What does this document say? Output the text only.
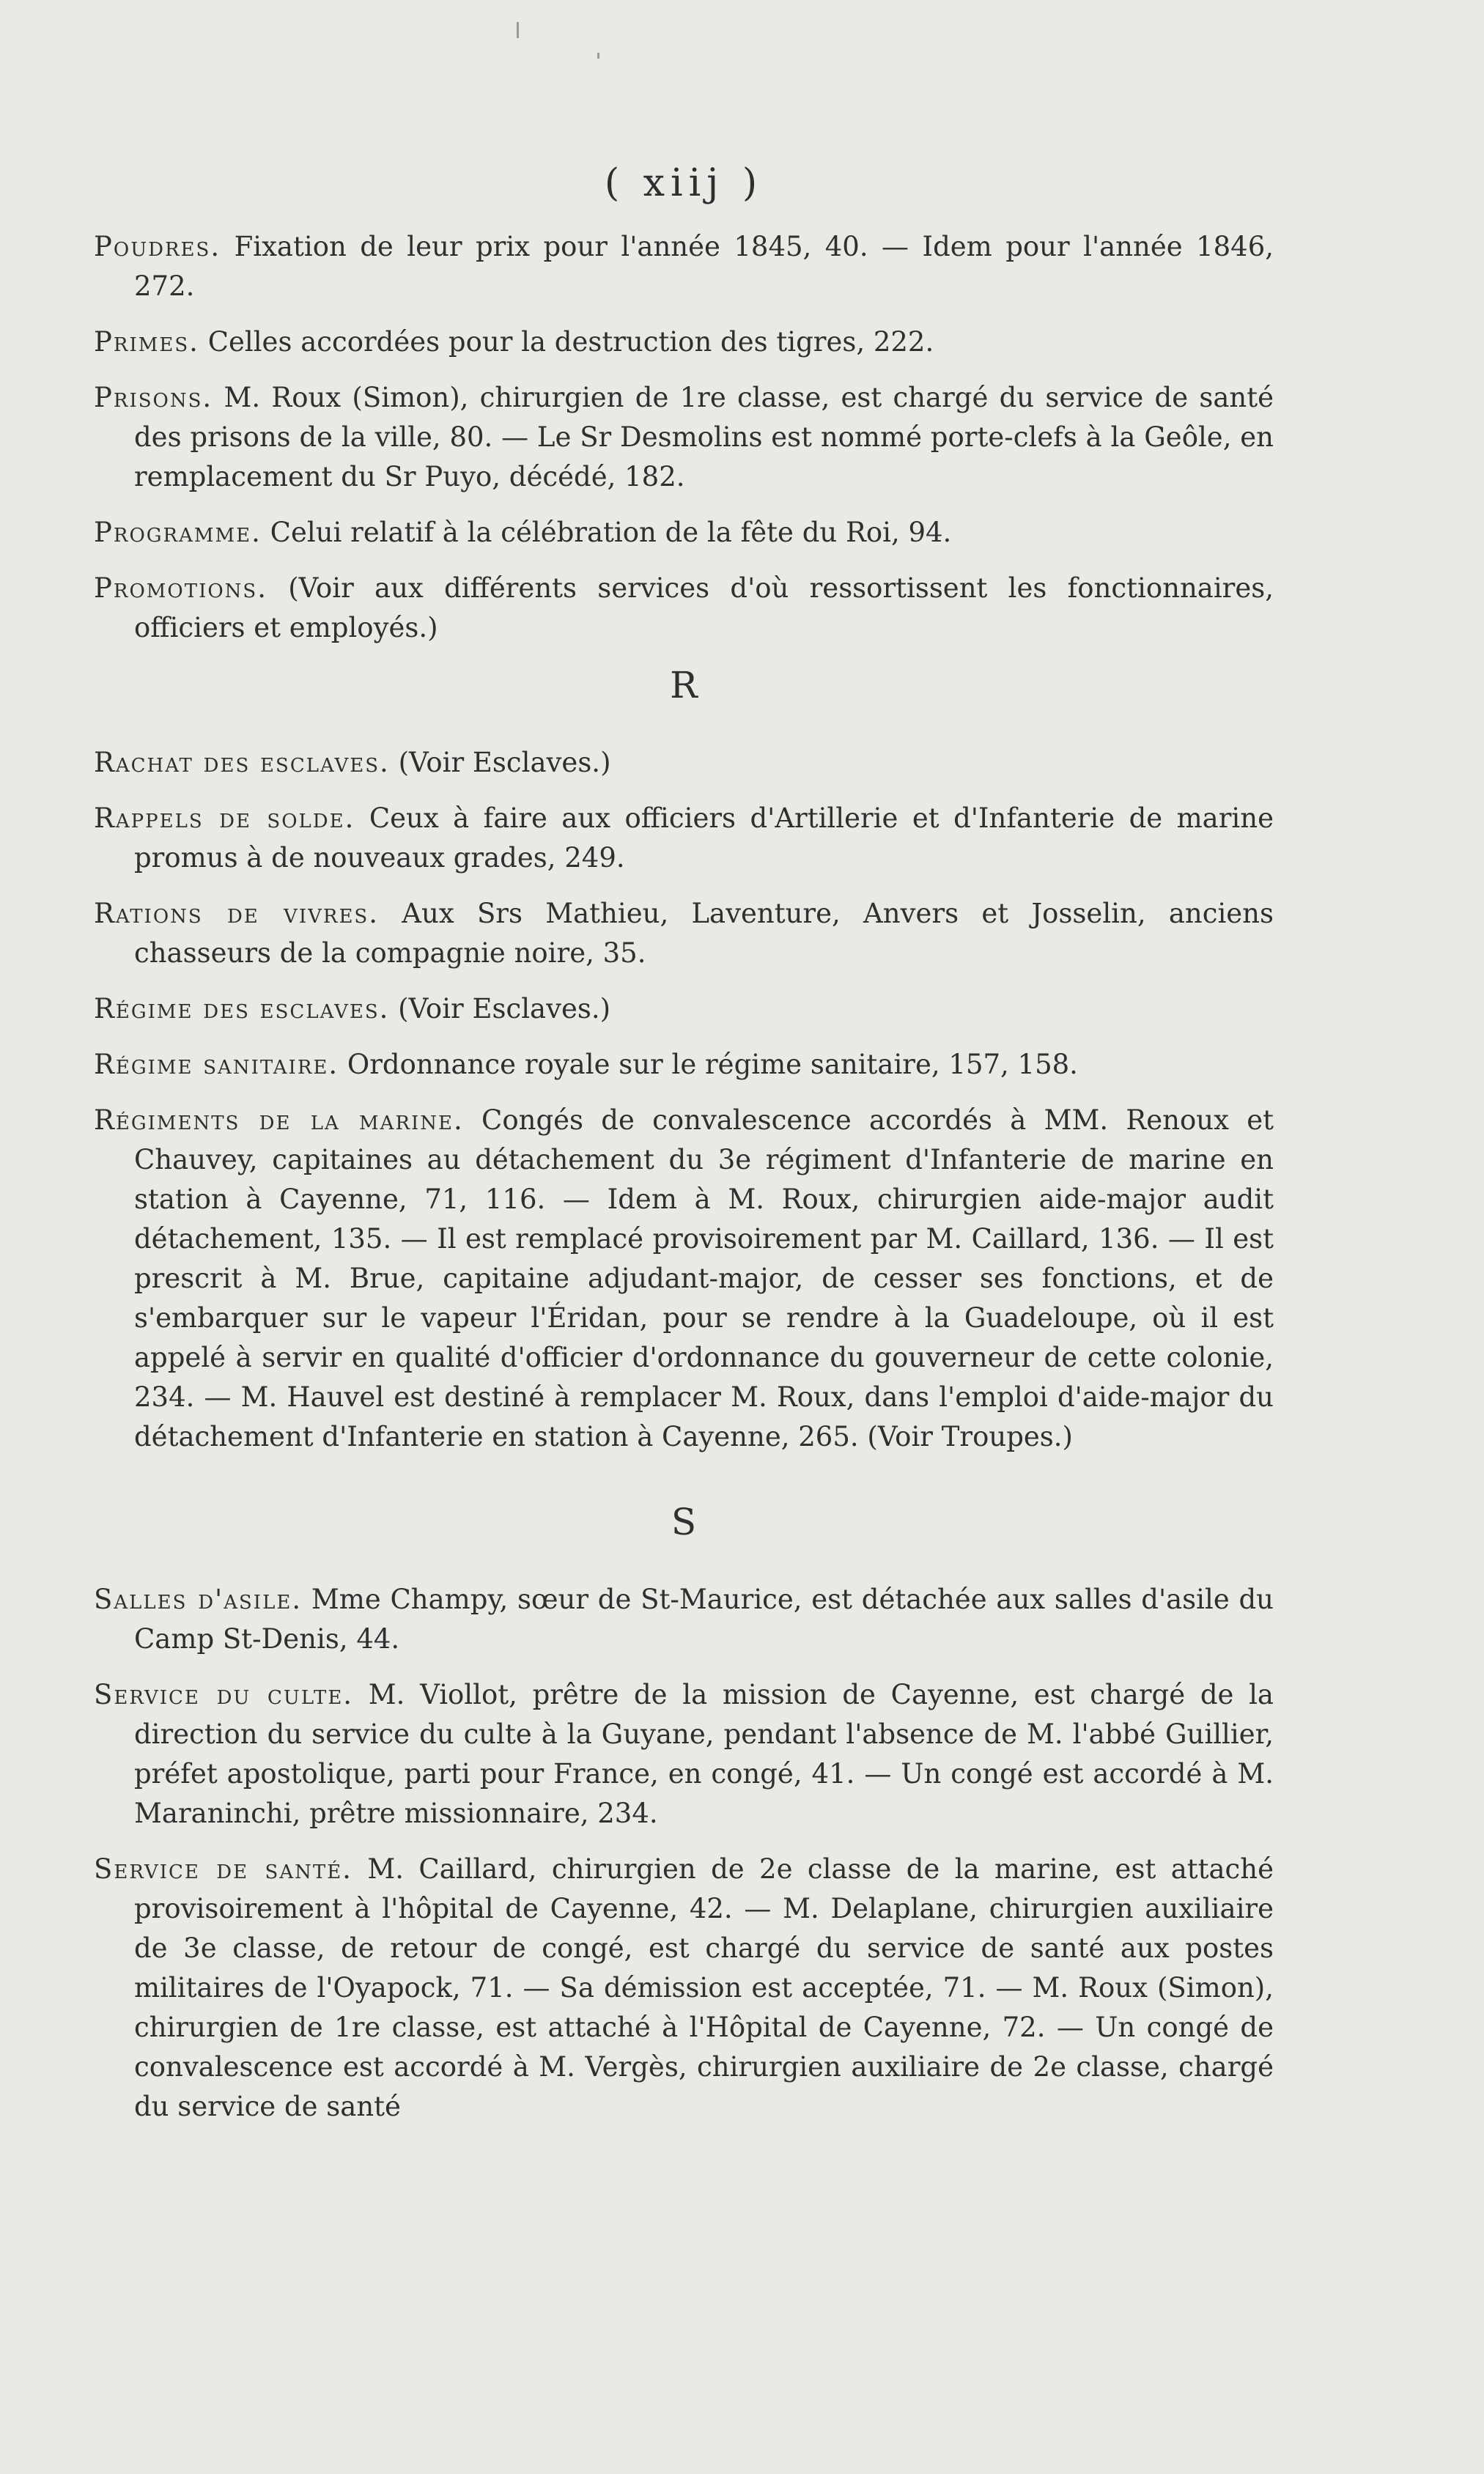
( xiij )

Poudres. Fixation de leur prix pour l'année 1845, 40. — Idem pour l'année 1846, 272.

Primes. Celles accordées pour la destruction des tigres, 222.

Prisons. M. Roux (Simon), chirurgien de 1re classe, est chargé du service de santé des prisons de la ville, 80. — Le Sr Desmolins est nommé porte-clefs à la Geôle, en remplacement du Sr Puyo, décédé, 182.

Programme. Celui relatif à la célébration de la fête du Roi, 94.

Promotions. (Voir aux différents services d'où ressortissent les fonctionnaires, officiers et employés.)

R

Rachat des esclaves. (Voir Esclaves.)

Rappels de solde. Ceux à faire aux officiers d'Artillerie et d'Infanterie de marine promus à de nouveaux grades, 249.

Rations de vivres. Aux Srs Mathieu, Laventure, Anvers et Josselin, anciens chasseurs de la compagnie noire, 35.

Régime des esclaves. (Voir Esclaves.)

Régime sanitaire. Ordonnance royale sur le régime sanitaire, 157, 158.

Régiments de la marine. Congés de convalescence accordés à MM. Renoux et Chauvey, capitaines au détachement du 3e régiment d'Infanterie de marine en station à Cayenne, 71, 116. — Idem à M. Roux, chirurgien aide-major audit détachement, 135. — Il est remplacé provisoirement par M. Caillard, 136. — Il est prescrit à M. Brue, capitaine adjudant-major, de cesser ses fonctions, et de s'embarquer sur le vapeur l'Éridan, pour se rendre à la Guadeloupe, où il est appelé à servir en qualité d'officier d'ordonnance du gouverneur de cette colonie, 234. — M. Hauvel est destiné à remplacer M. Roux, dans l'emploi d'aide-major du détachement d'Infanterie en station à Cayenne, 265. (Voir Troupes.)

S

Salles d'asile. Mme Champy, sœur de St-Maurice, est détachée aux salles d'asile du Camp St-Denis, 44.

Service du culte. M. Viollot, prêtre de la mission de Cayenne, est chargé de la direction du service du culte à la Guyane, pendant l'absence de M. l'abbé Guillier, préfet apostolique, parti pour France, en congé, 41. — Un congé est accordé à M. Maraninchi, prêtre missionnaire, 234.

Service de santé. M. Caillard, chirurgien de 2e classe de la marine, est attaché provisoirement à l'hôpital de Cayenne, 42. — M. Delaplane, chirurgien auxiliaire de 3e classe, de retour de congé, est chargé du service de santé aux postes militaires de l'Oyapock, 71. — Sa démission est acceptée, 71. — M. Roux (Simon), chirurgien de 1re classe, est attaché à l'Hôpital de Cayenne, 72. — Un congé de convalescence est accordé à M. Vergès, chirurgien auxiliaire de 2e classe, chargé du service de santé
